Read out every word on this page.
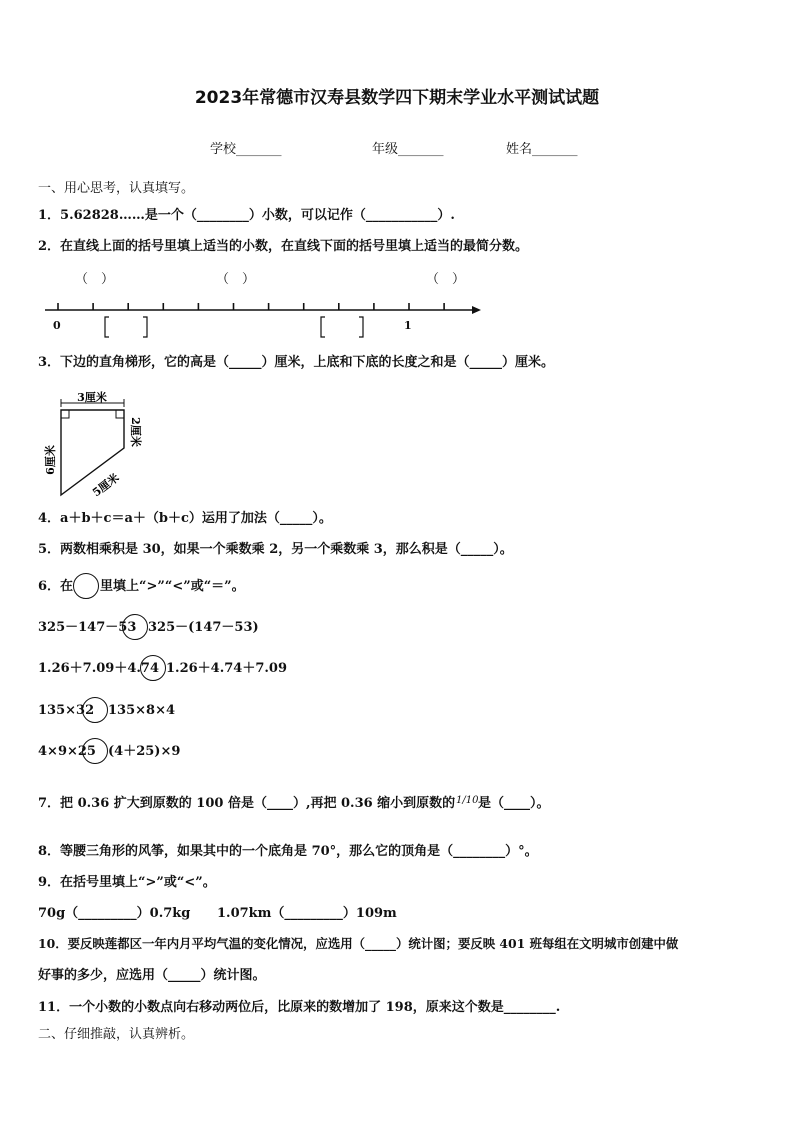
2023年常德市汉寿县数学四下期末学业水平测试试题
学校_______	年级_______	姓名_______
一、用心思考，认真填写。
1．5.62828……是一个（________）小数，可以记作（___________）.
2．在直线上面的括号里填上适当的小数，在直线下面的括号里填上适当的最简分数。
（　）	（　）	（　）
0	1
3．下边的直角梯形，它的高是（_____）厘米，上底和下底的长度之和是（_____）厘米。
3厘米
6厘米
2厘米
5厘米
4．a＋b＋c＝a＋（b＋c）运用了加法（_____）。
5．两数相乘积是 30，如果一个乘数乘 2，另一个乘数乘 3，那么积是（_____）。
6．在 里填上“>”“<”或“＝”。
325－147－53 325－(147－53)
1.26＋7.09＋4.74 1.26＋4.74＋7.09
135×32 135×8×4
4×9×25 (4＋25)×9
7．把 0.36 扩大到原数的 100 倍是（____）,再把 0.36 缩小到原数的 1/10 是（____）。
8．等腰三角形的风筝，如果其中的一个底角是 70°，那么它的顶角是（________）°。
9．在括号里填上“>”或“<”。
70g（_________）0.7kg 1.07km（_________）109m
10．要反映莲都区一年内月平均气温的变化情况，应选用（_____）统计图；要反映 401 班每组在文明城市创建中做
好事的多少，应选用（_____）统计图。
11．一个小数的小数点向右移动两位后，比原来的数增加了 198，原来这个数是________.
二、仔细推敲，认真辨析。
